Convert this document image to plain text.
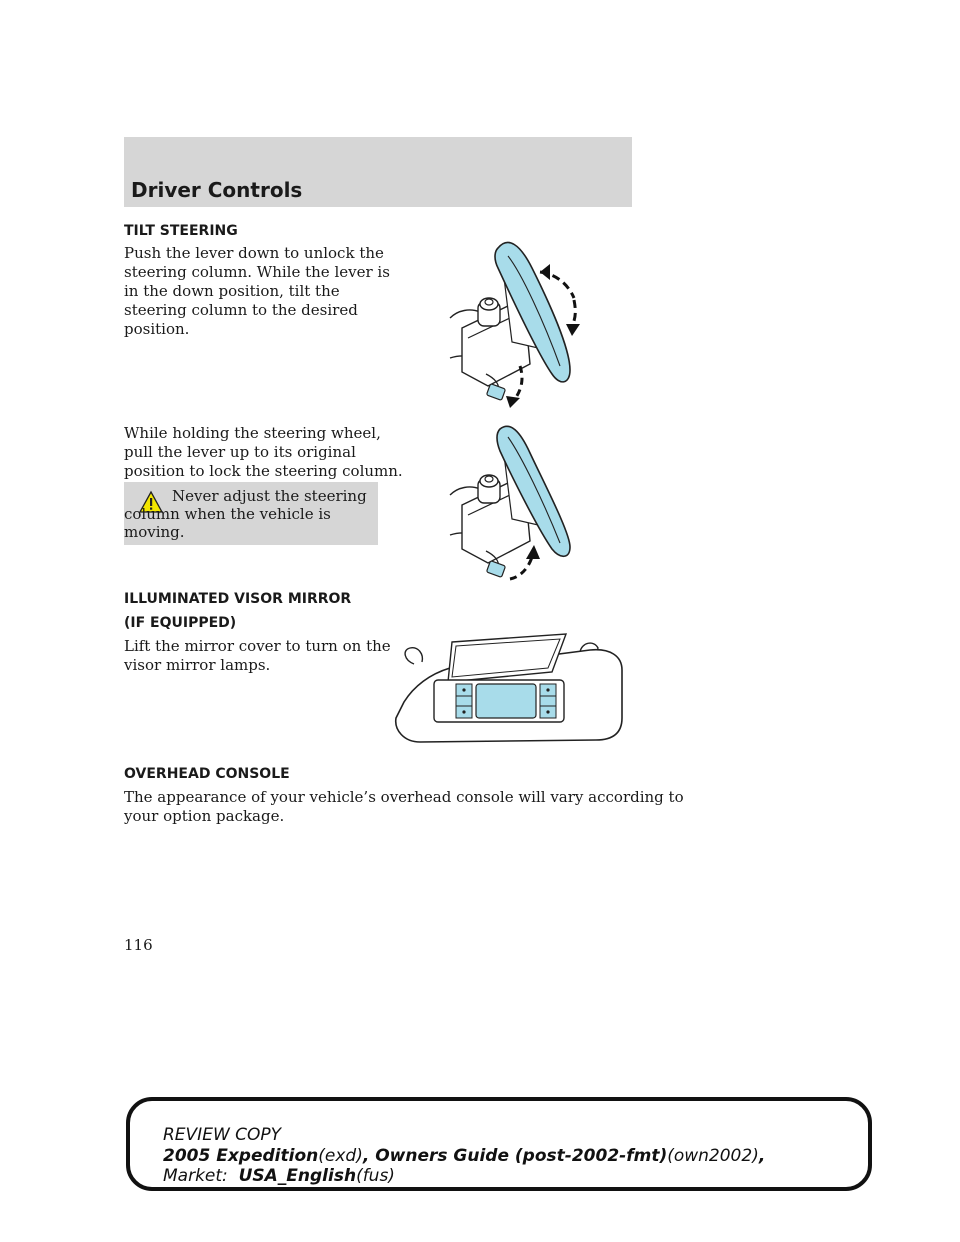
Driver Controls
TILT STEERING
Push the lever down to unlock the
steering column. While the lever is
in the down position, tilt the
steering column to the desired
position.
While holding the steering wheel,
pull the lever up to its original
position to lock the steering column.
Never adjust the steering column when the vehicle is moving.
ILLUMINATED VISOR MIRROR
(IF EQUIPPED)
Lift the mirror cover to turn on the
visor mirror lamps.
OVERHEAD CONSOLE
The appearance of your vehicle’s overhead console will vary according to
your option package.
116
REVIEW COPY
2005 Expedition(exd), Owners Guide (post-2002-fmt)(own2002),
Market: USA_English(fus)
